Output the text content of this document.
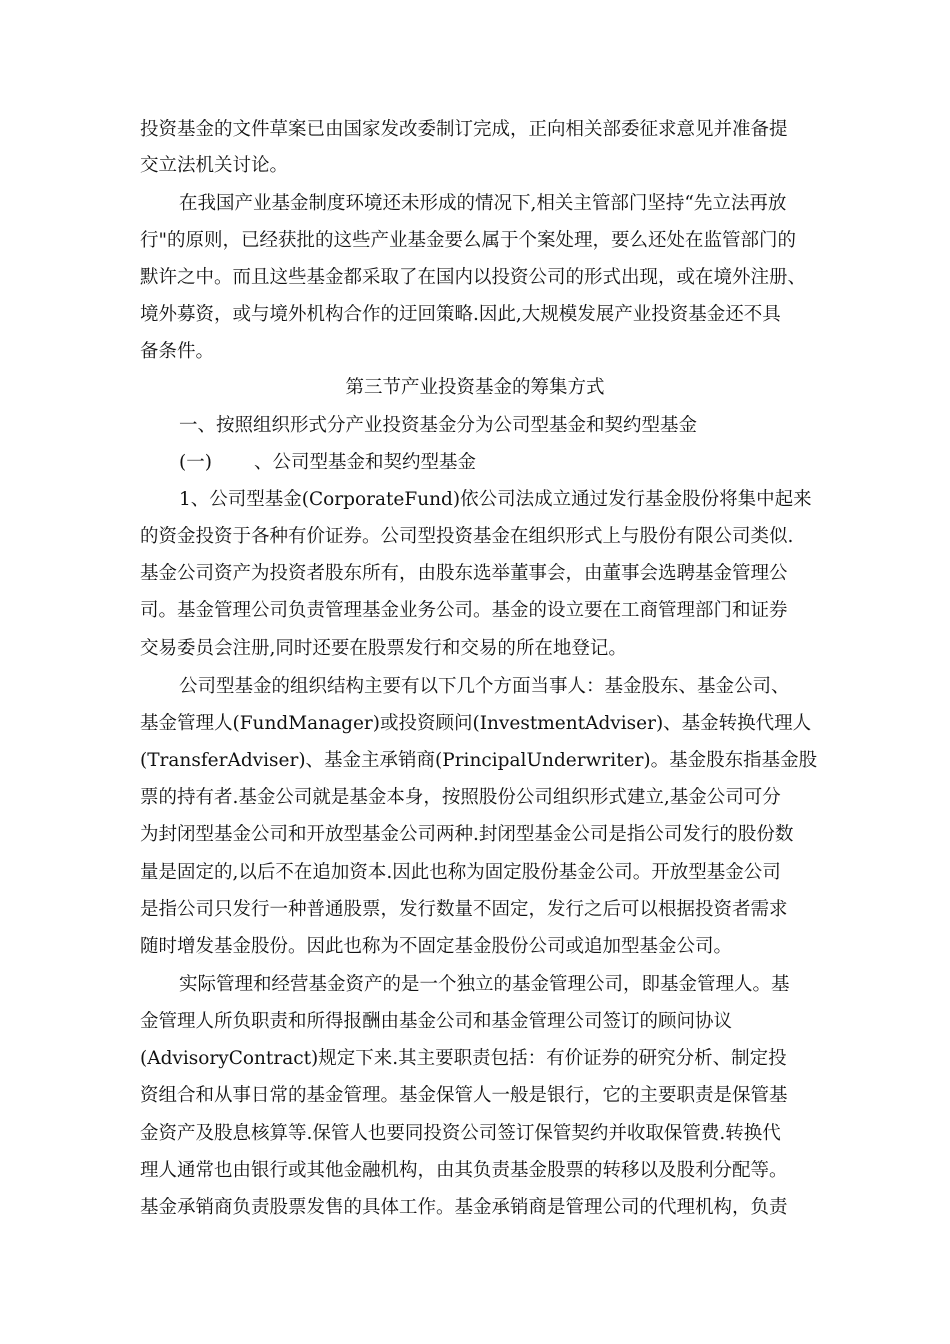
投资基金的文件草案已由国家发改委制订完成，正向相关部委征求意见并准备提
交立法机关讨论。
在我国产业基金制度环境还未形成的情况下,相关主管部门坚持“先立法再放
行"的原则，已经获批的这些产业基金要么属于个案处理，要么还处在监管部门的
默许之中。而且这些基金都采取了在国内以投资公司的形式出现，或在境外注册、
境外募资，或与境外机构合作的迂回策略.因此,大规模发展产业投资基金还不具
备条件。
第三节产业投资基金的筹集方式
一、按照组织形式分产业投资基金分为公司型基金和契约型基金
(一) 、公司型基金和契约型基金
1、公司型基金(CorporateFund)依公司法成立通过发行基金股份将集中起来
的资金投资于各种有价证券。公司型投资基金在组织形式上与股份有限公司类似.
基金公司资产为投资者股东所有，由股东选举董事会，由董事会选聘基金管理公
司。基金管理公司负责管理基金业务公司。基金的设立要在工商管理部门和证券
交易委员会注册,同时还要在股票发行和交易的所在地登记。
公司型基金的组织结构主要有以下几个方面当事人：基金股东、基金公司、
基金管理人(FundManager)或投资顾问(InvestmentAdviser)、基金转换代理人
(TransferAdviser)、基金主承销商(PrincipalUnderwriter)。基金股东指基金股
票的持有者.基金公司就是基金本身，按照股份公司组织形式建立,基金公司可分
为封闭型基金公司和开放型基金公司两种.封闭型基金公司是指公司发行的股份数
量是固定的,以后不在追加资本.因此也称为固定股份基金公司。开放型基金公司
是指公司只发行一种普通股票，发行数量不固定，发行之后可以根据投资者需求
随时增发基金股份。因此也称为不固定基金股份公司或追加型基金公司。
实际管理和经营基金资产的是一个独立的基金管理公司，即基金管理人。基
金管理人所负职责和所得报酬由基金公司和基金管理公司签订的顾问协议
(AdvisoryContract)规定下来.其主要职责包括：有价证券的研究分析、制定投
资组合和从事日常的基金管理。基金保管人一般是银行，它的主要职责是保管基
金资产及股息核算等.保管人也要同投资公司签订保管契约并收取保管费.转换代
理人通常也由银行或其他金融机构，由其负责基金股票的转移以及股利分配等。
基金承销商负责股票发售的具体工作。基金承销商是管理公司的代理机构，负责
